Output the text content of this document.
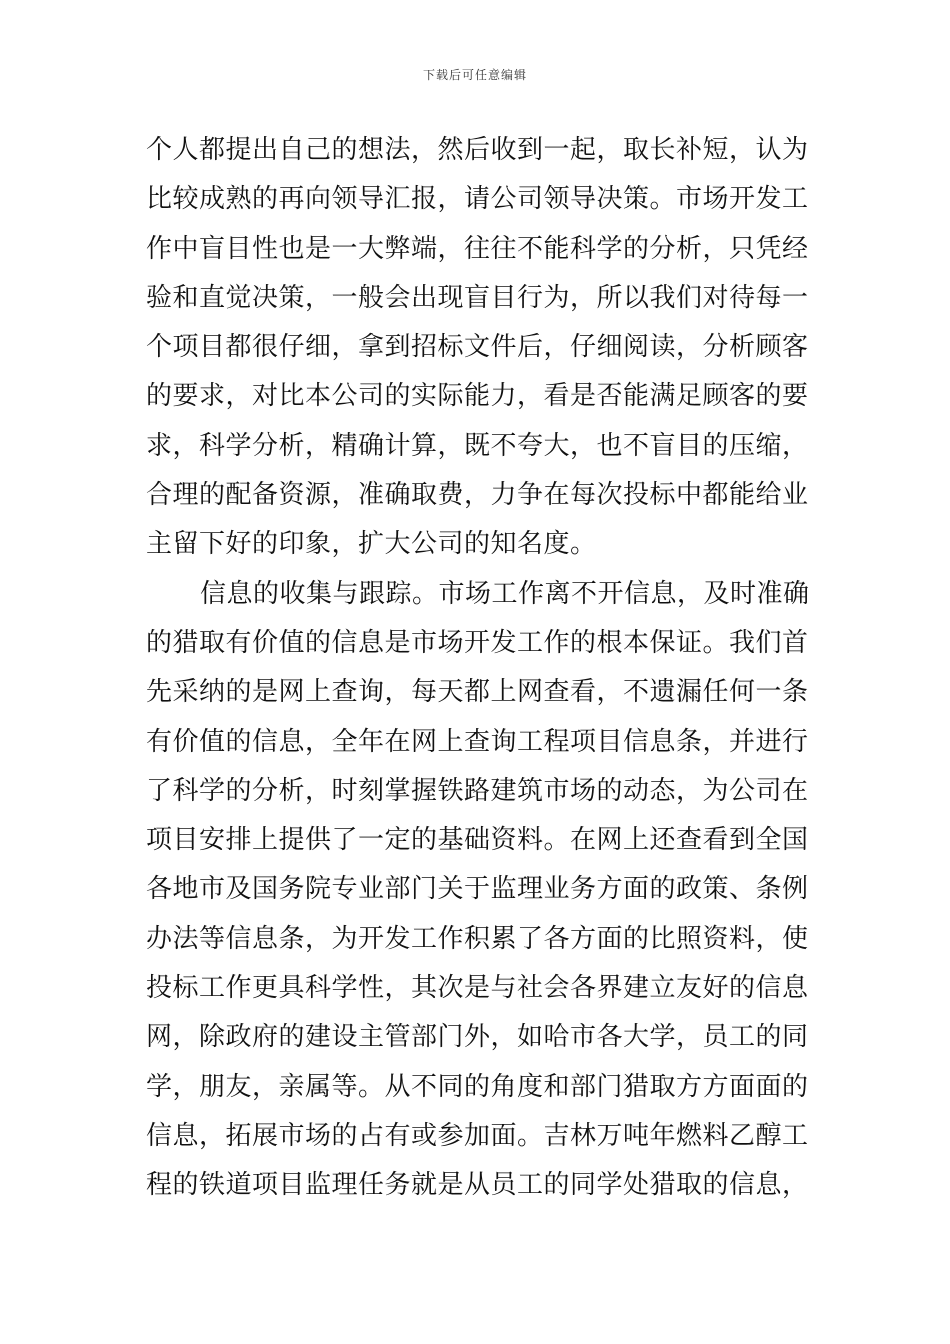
下载后可任意编辑
个人都提出自己的想法，然后收到一起，取长补短，认为
比较成熟的再向领导汇报，请公司领导决策。市场开发工
作中盲目性也是一大弊端，往往不能科学的分析，只凭经
验和直觉决策，一般会出现盲目行为，所以我们对待每一
个项目都很仔细，拿到招标文件后，仔细阅读，分析顾客
的要求，对比本公司的实际能力，看是否能满足顾客的要
求，科学分析，精确计算，既不夸大，也不盲目的压缩，
合理的配备资源，准确取费，力争在每次投标中都能给业
主留下好的印象，扩大公司的知名度。
信息的收集与跟踪。市场工作离不开信息，及时准确
的猎取有价值的信息是市场开发工作的根本保证。我们首
先采纳的是网上查询，每天都上网查看，不遗漏任何一条
有价值的信息，全年在网上查询工程项目信息条，并进行
了科学的分析，时刻掌握铁路建筑市场的动态，为公司在
项目安排上提供了一定的基础资料。在网上还查看到全国
各地市及国务院专业部门关于监理业务方面的政策、条例
办法等信息条，为开发工作积累了各方面的比照资料，使
投标工作更具科学性，其次是与社会各界建立友好的信息
网，除政府的建设主管部门外，如哈市各大学，员工的同
学，朋友，亲属等。从不同的角度和部门猎取方方面面的
信息，拓展市场的占有或参加面。吉林万吨年燃料乙醇工
程的铁道项目监理任务就是从员工的同学处猎取的信息，
